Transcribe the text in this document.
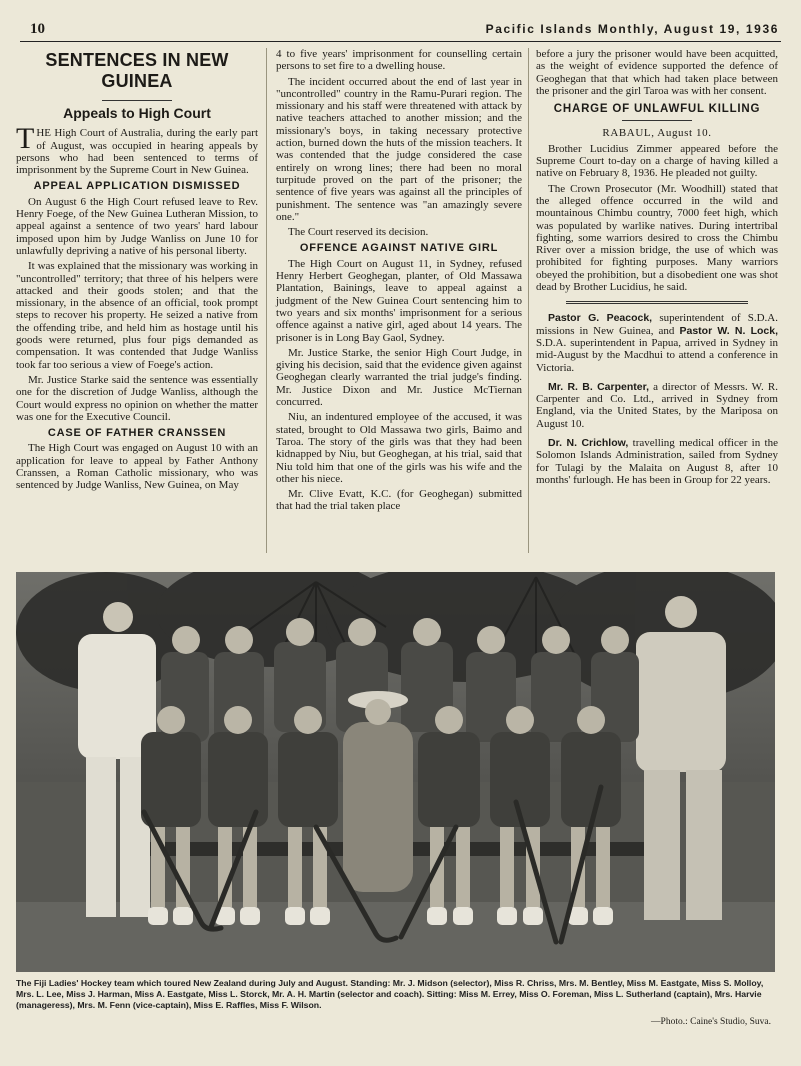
10	Pacific Islands Monthly, August 19, 1936
SENTENCES IN NEW GUINEA
Appeals to High Court

THE High Court of Australia, during the early part of August, was occupied in hearing appeals by persons who had been sentenced to terms of imprisonment by the Supreme Court in New Guinea.

APPEAL APPLICATION DISMISSED

On August 6 the High Court refused leave to Rev. Henry Foege, of the New Guinea Lutheran Mission, to appeal against a sentence of two years' hard labour imposed upon him by Judge Wanliss on June 10 for unlawfully depriving a native of his personal liberty.

It was explained that the missionary was working in "uncontrolled" territory; that three of his helpers were attacked and their goods stolen; and that the missionary, in the absence of an official, took prompt steps to recover his property. He seized a native from the offending tribe, and held him as hostage until his goods were returned, plus four pigs demanded as compensation. It was contended that Judge Wanliss took far too serious a view of Foege's action.

Mr. Justice Starke said the sentence was essentially one for the discretion of Judge Wanliss, although the Court would express no opinion on whether the matter was one for the Executive Council.

CASE OF FATHER CRANSSEN

The High Court was engaged on August 10 with an application for leave to appeal by Father Anthony Cranssen, a Roman Catholic missionary, who was sentenced by Judge Wanliss, New Guinea, on May

4 to five years' imprisonment for counselling certain persons to set fire to a dwelling house.

The incident occurred about the end of last year in "uncontrolled" country in the Ramu-Purari region. The missionary and his staff were threatened with attack by native teachers attached to another mission; and the missionary's boys, in taking necessary protective action, burned down the huts of the mission teachers. It was contended that the judge considered the case entirely on wrong lines; there had been no moral turpitude proved on the part of the prisoner; the sentence of five years was against all the principles of punishment. The sentence was "an amazingly severe one."

The Court reserved its decision.

OFFENCE AGAINST NATIVE GIRL

The High Court on August 11, in Sydney, refused Henry Herbert Geoghegan, planter, of Old Massawa Plantation, Bainings, leave to appeal against a judgment of the New Guinea Court sentencing him to two years and six months' imprisonment for a serious offence against a native girl, aged about 14 years. The prisoner is in Long Bay Gaol, Sydney.

Mr. Justice Starke, the senior High Court Judge, in giving his decision, said that the evidence given against Geoghegan clearly warranted the trial judge's finding. Mr. Justice Dixon and Mr. Justice McTiernan concurred.

Niu, an indentured employee of the accused, it was stated, brought to Old Massawa two girls, Baimo and Taroa. The story of the girls was that they had been kidnapped by Niu, but Geoghegan, at his trial, said that Niu told him that one of the girls was his wife and the other his niece.

Mr. Clive Evatt, K.C. (for Geoghegan) submitted that had the trial taken place

before a jury the prisoner would have been acquitted, as the weight of evidence supported the defence of Geoghegan that that which had taken place between the prisoner and the girl Taroa was with her consent.

CHARGE OF UNLAWFUL KILLING
RABAUL, August 10.

Brother Lucidius Zimmer appeared before the Supreme Court to-day on a charge of having killed a native on February 8, 1936. He pleaded not guilty.

The Crown Prosecutor (Mr. Woodhill) stated that the alleged offence occurred in the wild and mountainous Chimbu country, 7000 feet high, which was populated by warlike natives. During intertribal fighting, some warriors desired to cross the Chimbu River over a mission bridge, the use of which was prohibited for fighting purposes. Many warriors obeyed the prohibition, but a disobedient one was shot dead by Brother Lucidius, he said.

Pastor G. Peacock, superintendent of S.D.A. missions in New Guinea, and Pastor W. N. Lock, S.D.A. superintendent in Papua, arrived in Sydney in mid-August by the Macdhui to attend a conference in Victoria.

Mr. R. B. Carpenter, a director of Messrs. W. R. Carpenter and Co. Ltd., arrived in Sydney from England, via the United States, by the Mariposa on August 10.

Dr. N. Crichlow, travelling medical officer in the Solomon Islands Administration, sailed from Sydney for Tulagi by the Malaita on August 8, after 10 months' furlough. He has been in Group for 22 years.

The Fiji Ladies' Hockey team which toured New Zealand during July and August. Standing: Mr. J. Midson (selector), Miss R. Chriss, Mrs. M. Bentley, Miss M. Eastgate, Miss S. Molloy, Mrs. L. Lee, Miss J. Harman, Miss A. Eastgate, Miss L. Storck, Mr. A. H. Martin (selector and coach). Sitting: Miss M. Errey, Miss O. Foreman, Miss L. Sutherland (captain), Mrs. Harvie (manageress), Mrs. M. Fenn (vice-captain), Miss E. Raffles, Miss F. Wilson.
—Photo.: Caine's Studio, Suva.
